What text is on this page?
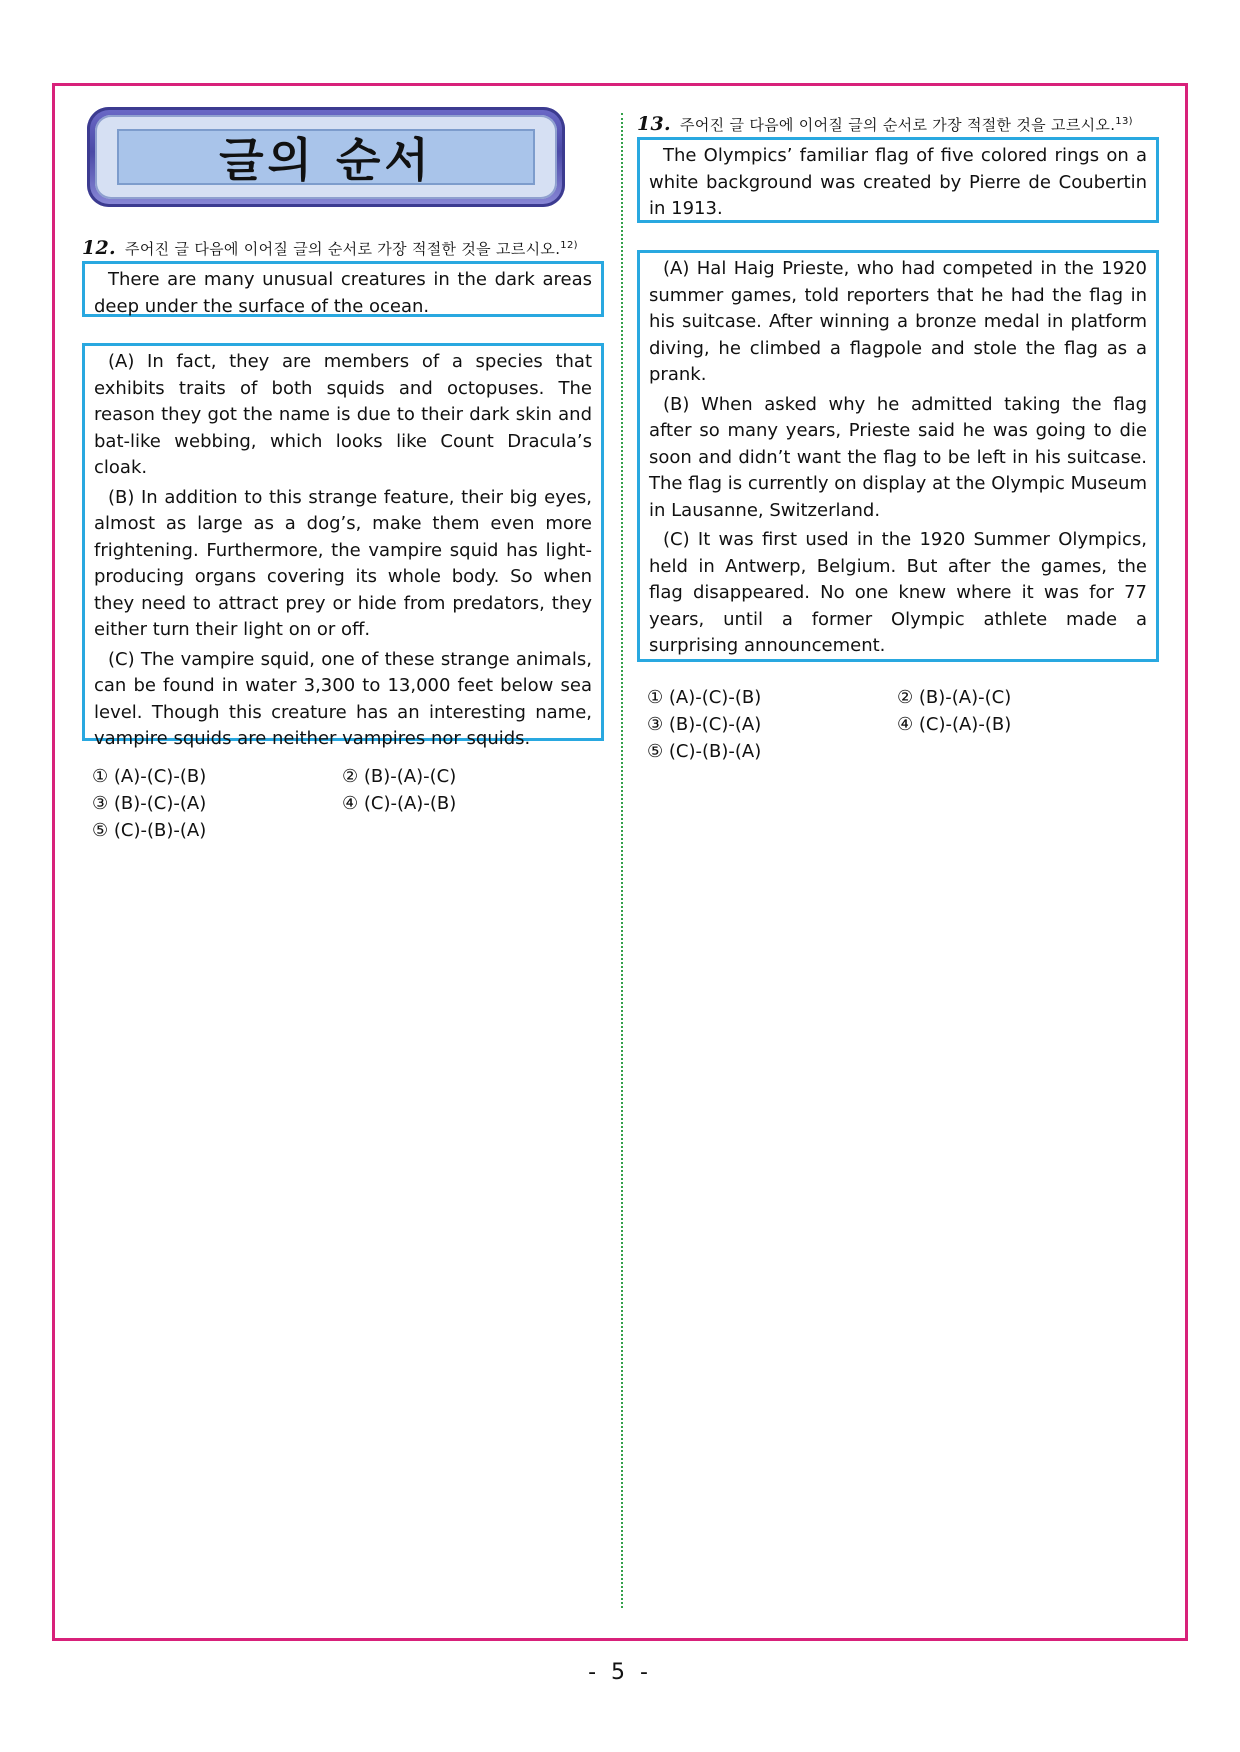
글의 순서
12. 주어진 글 다음에 이어질 글의 순서로 가장 적절한 것을 고르시오.$^{12)}$

There are many unusual creatures in the dark areas deep under the surface of the ocean.

(A) In fact, they are members of a species that exhibits traits of both squids and octopuses. The reason they got the name is due to their dark skin and bat-like webbing, which looks like Count Dracula’s cloak.

(B) In addition to this strange feature, their big eyes, almost as large as a dog’s, make them even more frightening. Furthermore, the vampire squid has light-producing organs covering its whole body. So when they need to attract prey or hide from predators, they either turn their light on or off.

(C) The vampire squid, one of these strange animals, can be found in water 3,300 to 13,000 feet below sea level. Though this creature has an interesting name, vampire squids are neither vampires nor squids.

① (A)-(C)-(B)	② (B)-(A)-(C)
③ (B)-(C)-(A)	④ (C)-(A)-(B)
⑤ (C)-(B)-(A)
13. 주어진 글 다음에 이어질 글의 순서로 가장 적절한 것을 고르시오.$^{13)}$

The Olympics’ familiar flag of five colored rings on a white background was created by Pierre de Coubertin in 1913.

(A) Hal Haig Prieste, who had competed in the 1920 summer games, told reporters that he had the flag in his suitcase. After winning a bronze medal in platform diving, he climbed a flagpole and stole the flag as a prank.

(B) When asked why he admitted taking the flag after so many years, Prieste said he was going to die soon and didn’t want the flag to be left in his suitcase. The flag is currently on display at the Olympic Museum in Lausanne, Switzerland.

(C) It was first used in the 1920 Summer Olympics, held in Antwerp, Belgium. But after the games, the flag disappeared. No one knew where it was for 77 years, until a former Olympic athlete made a surprising announcement.

① (A)-(C)-(B)	② (B)-(A)-(C)
③ (B)-(C)-(A)	④ (C)-(A)-(B)
⑤ (C)-(B)-(A)
- 5 -
